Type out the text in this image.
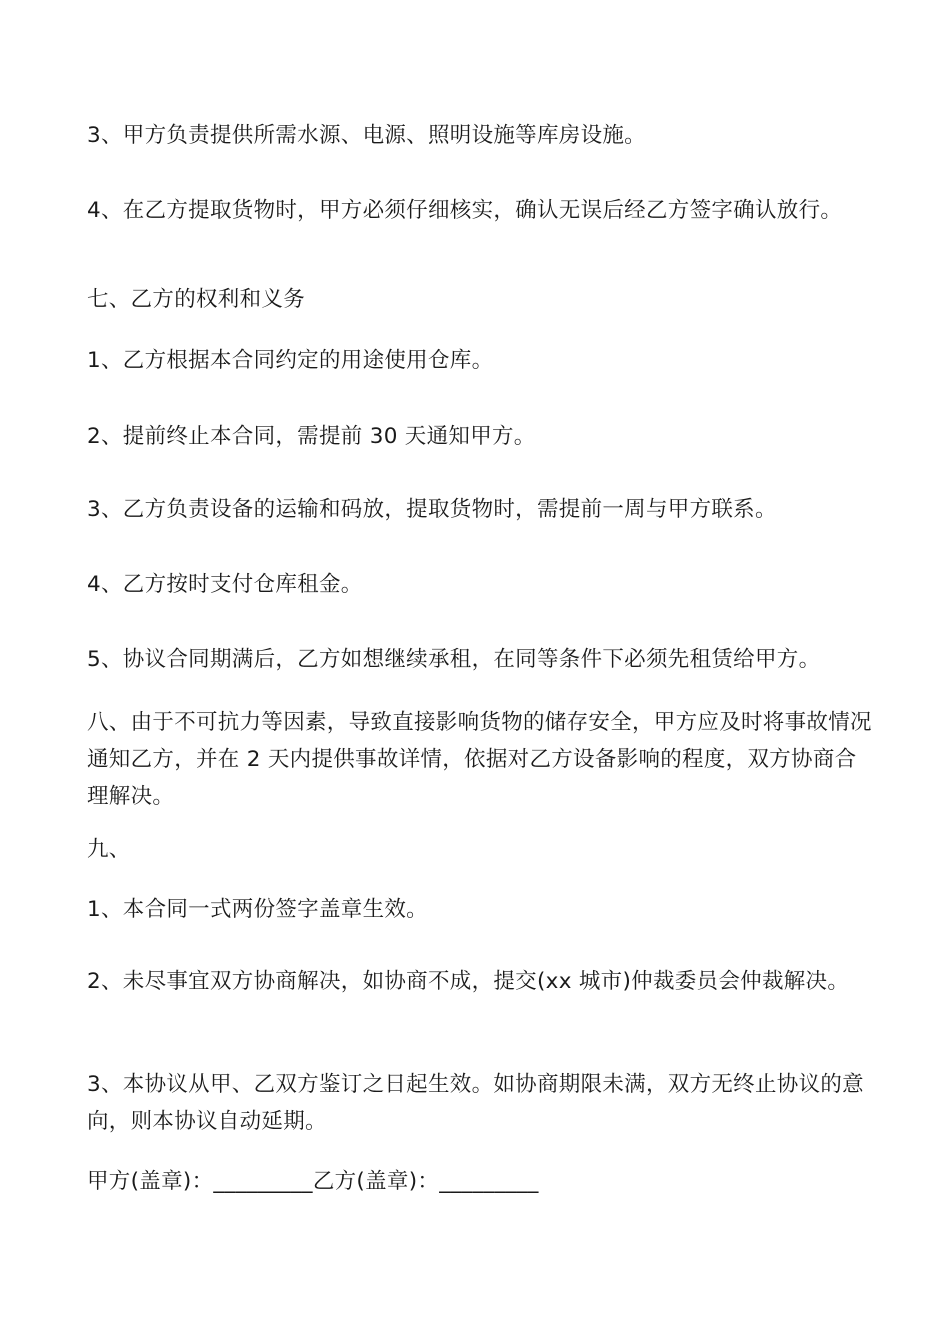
3、甲方负责提供所需水源、电源、照明设施等库房设施。
4、在乙方提取货物时，甲方必须仔细核实，确认无误后经乙方签字确认放行。
七、乙方的权利和义务
1、乙方根据本合同约定的用途使用仓库。
2、提前终止本合同，需提前 30 天通知甲方。
3、乙方负责设备的运输和码放，提取货物时，需提前一周与甲方联系。
4、乙方按时支付仓库租金。
5、协议合同期满后，乙方如想继续承租，在同等条件下必须先租赁给甲方。
八、由于不可抗力等因素，导致直接影响货物的储存安全，甲方应及时将事故情况通知乙方，并在 2 天内提供事故详情，依据对乙方设备影响的程度，双方协商合理解决。
九、
1、本合同一式两份签字盖章生效。
2、未尽事宜双方协商解决，如协商不成，提交(xx 城市)仲裁委员会仲裁解决。
3、本协议从甲、乙双方鉴订之日起生效。如协商期限未满，双方无终止协议的意向，则本协议自动延期。
甲方(盖章)：_________乙方(盖章)：_________
